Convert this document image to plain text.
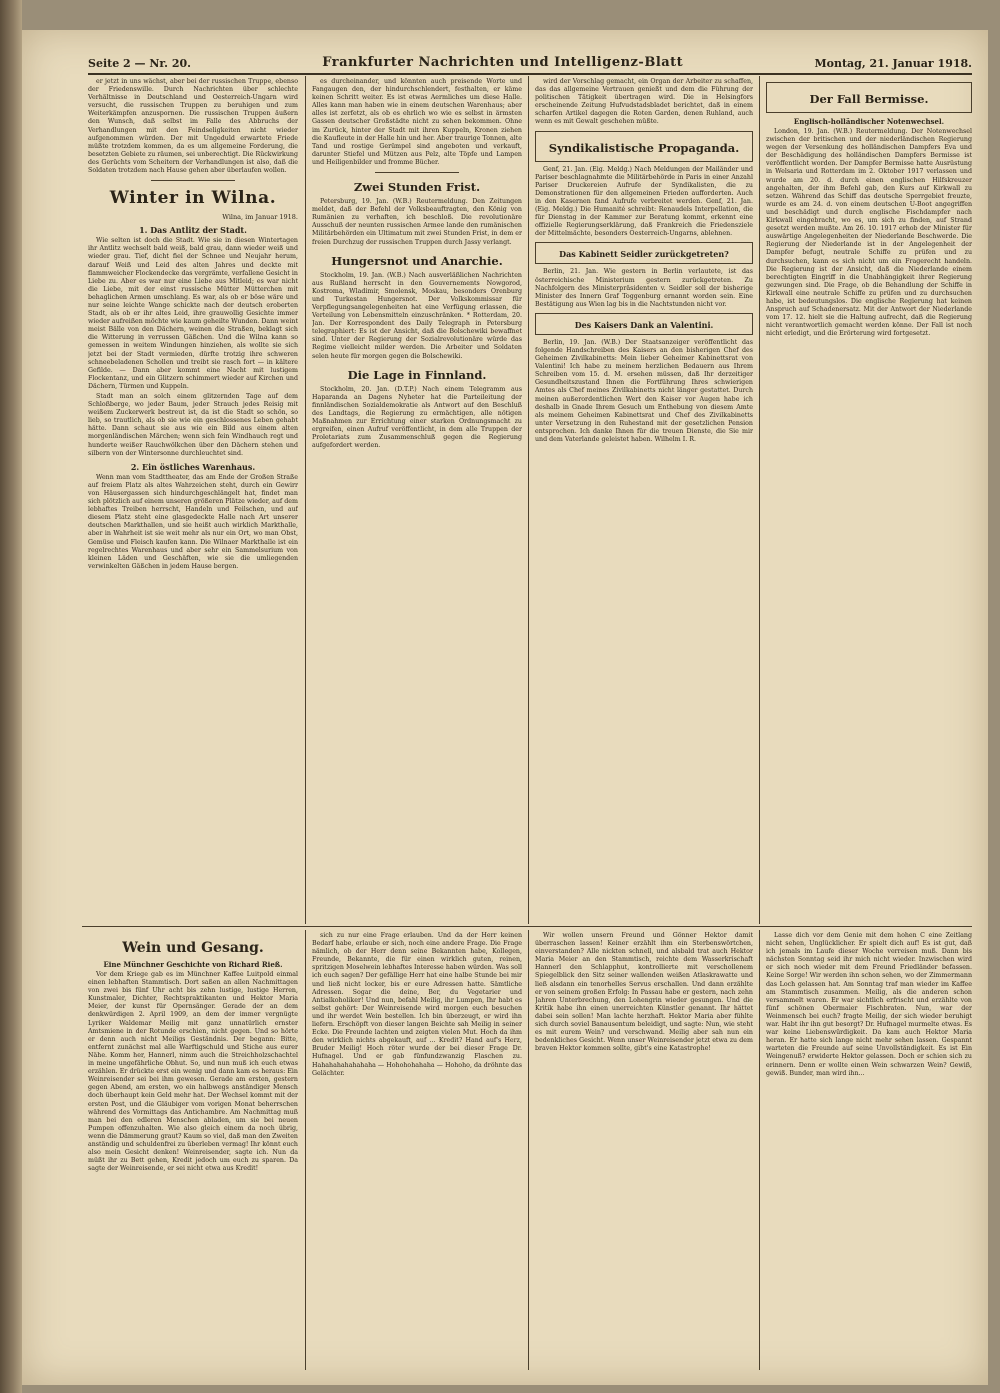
Seite 2 — Nr. 20.	Frankfurter Nachrichten und Intelligenz-Blatt	Montag, 21. Januar 1918.

er jetzt in uns wächst, aber bei der russischen Truppe, ebenso der Friedenswille. Durch Nachrichten über schlechte Verhältnisse in Deutschland und Oesterreich-Ungarn wird versucht, die russischen Truppen zu beruhigen und zum Weiterkämpfen anzuspornen. Die russischen Truppen äußern den Wunsch, daß selbst im Falle des Abbruchs der Verhandlungen mit den Feindseligkeiten nicht wieder aufgenommen würden. Der mit Ungeduld erwartete Friede müßte trotzdem kommen, da es um allgemeine Forderung, die besetzten Gebiete zu räumen, sei unberechtigt. Die Rückwirkung des Gerüchts vom Scheitern der Verhandlungen ist also, daß die Soldaten trotzdem nach Hause gehen aber überlaufen wollen.

Winter in Wilna.
Wilna, im Januar 1918.
1. Das Antlitz der Stadt.

Wie selten ist doch die Stadt. Wie sie in diesen Wintertagen ihr Antlitz wechselt bald weiß, bald grau, dann wieder weiß und wieder grau. Tief, dicht fiel der Schnee und Neujahr herum, darauf Weiß und Leid des alten Jahres und deckte mit flammweicher Flockendecke das vergrämte, verfallene Gesicht in Liebe zu. Aber es war nur eine Liebe aus Mitleid; es war nicht die Liebe, mit der einst russische Mütter Mütterchen mit behaglichen Armen umschlang. Es war, als ob er böse wäre und nur seine leichte Wange schickte nach der deutsch eroberten Stadt, als ob er ihr altes Leid, ihre grauwollig Gesichte immer wieder aufreißen möchte wie kaum geheilte Wunden. Dann weint meist Bälle von den Dächern, weinen die Straßen, beklagt sich die Witterung in verrussen Gäßchen. Und die Wilna kann so gemessen in weitem Windungen hinziehen, als wollte sie sich jetzt bei der Stadt vermieden, dürfte trotzig ihre schweren schneebeladenen Schollen und treibt sie rasch fort — in kältere Gefilde. — Dann aber kommt eine Nacht mit lustigem Flockentanz, und ein Glitzern schimmert wieder auf Kirchen und Dächern, Türmen und Kuppeln.

Stadt man an solch einem glitzernden Tage auf dem Schloßberge, wo jeder Baum, jeder Strauch jedes Reisig mit weißem Zuckerwerk bestreut ist, da ist die Stadt so schön, so lieb, so trautlich, als ob sie wie ein geschlossenes Leben gehabt hätte. Dann schaut sie aus wie ein Bild aus einem alten morgenländischen Märchen; wenn sich fein Windhauch regt und hunderte weißer Rauchwölkchen über den Dächern stehen und silbern von der Wintersonne durchleuchtet sind.

2. Ein östliches Warenhaus.

Wenn man vom Stadttheater, das am Ende der Großen Straße auf freiem Platz als altes Wahrzeichen steht, durch ein Gewirr von Häusergassen sich hindurchgeschlängelt hat, findet man sich plötzlich auf einem unseren größeren Plätze wieder, auf dem lebhaftes Treiben herrscht, Handeln und Feilschen, und auf diesem Platz steht eine glasgedeckte Halle nach Art unserer deutschen Markthallen, und sie heißt auch wirklich Markthalle, aber in Wahrheit ist sie weit mehr als nur ein Ort, wo man Obst, Gemüse und Fleisch kaufen kann. Die Wilnaer Markthalle ist ein regelrechtes Warenhaus und aber sehr ein Sammelsurium von kleinen Läden und Geschäften, wie sie die umliegenden verwinkelten Gäßchen in jedem Hause bergen.

es durcheinander, und könnten auch preisende Worte und Fangaugen den, der hindurchschlendert, festhalten, er käme keinen Schritt weiter. Es ist etwas Aermliches um diese Halle. Alles kann man haben wie in einem deutschen Warenhaus; aber alles ist zerfetzt, als ob es ehrlich wo wie es selbst in ärmsten Gassen deutscher Großstädte nicht zu sehen bekommen. Ohne im Zurück, hinter der Stadt mit ihren Kuppeln, Kronen ziehen die Kaufleute in der Halle hin und her. Aber traurige Tonnen, alte Tand und rostige Gerümpel sind angeboten und verkauft, darunter Stiefel und Mützen aus Pelz, alte Töpfe und Lampen und Heiligenbilder und fromme Bücher.

Zwei Stunden Frist.

Petersburg, 19. Jan. (W.B.) Reutermeldung. Den Zeitungen meldet, daß der Befehl der Volksbeauftragten, den König von Rumänien zu verhaften, ich beschloß. Die revolutionäre Ausschuß der neunten russischen Armee lande den rumänischen Militärbehörden ein Ultimatum mit zwei Stunden Frist, in dem er freien Durchzug der russischen Truppen durch Jassy verlangt.

Hungersnot und Anarchie.

Stockholm, 19. Jan. (W.B.) Nach ausverläßlichen Nachrichten aus Rußland herrscht in den Gouvernements Nowgorod, Kostroma, Wladimir, Smolensk, Moskau, besonders Orenburg und Turkestan Hungersnot. Der Volkskommissar für Verpflegungsangelegenheiten hat eine Verfügung erlassen, die Verteilung von Lebensmitteln einzuschränken. * Rotterdam, 20. Jan. Der Korrespondent des Daily Telegraph in Petersburg telegraphiert: Es ist der Ansicht, daß die Bolschewiki bewaffnet sind. Unter der Regierung der Sozialrevolutionäre würde das Regime vielleicht milder werden. Die Arbeiter und Soldaten selen heute für morgen gegen die Bolschewiki.

Die Lage in Finnland.

Stockholm, 20. Jan. (D.T.P.) Nach einem Telegramm aus Haparanda an Dagens Nyheter hat die Parteileitung der finnländischen Sozialdemokratie als Antwort auf den Beschluß des Landtags, die Regierung zu ermächtigen, alle nötigen Maßnahmen zur Errichtung einer starken Ordnungsmacht zu ergreifen, einen Aufruf veröffentlicht, in dem alle Truppen der Proletariats zum Zusammenschluß gegen die Regierung aufgefordert werden.

wird der Vorschlag gemacht, ein Organ der Arbeiter zu schaffen, das das allgemeine Vertrauen genießt und dem die Führung der politischen Tätigkeit übertragen wird. Die in Helsingfors erscheinende Zeitung Hufvudstadsbladet berichtet, daß in einem scharfen Artikel dagegen die Roten Garden, denen Ruhland, auch wenn es mit Gewalt geschehen müßte.

Syndikalistische Propaganda.

Genf, 21. Jan. (Eig. Meldg.) Nach Meldungen der Mailänder und Pariser beschlagnahmte die Militärbehörde in Paris in einer Anzahl Pariser Druckereien Aufrufe der Syndikalisten, die zu Demonstrationen für den allgemeinen Frieden aufforderten. Auch in den Kasernen fand Aufrufe verbreitet werden. Genf, 21. Jan. (Eig. Meldg.) Die Humanité schreibt: Renaudels Interpellation, die für Dienstag in der Kammer zur Beratung kommt, erkennt eine offizielle Regierungserklärung, daß Frankreich die Friedensziele der Mittelmächte, besonders Oesterreich-Ungarns, ablehnen.

Das Kabinett Seidler zurückgetreten?

Berlin, 21. Jan. Wie gestern in Berlin verlautete, ist das österreichische Ministerium gestern zurückgetreten. Zu Nachfolgern des Ministerpräsidenten v. Seidler soll der bisherige Minister des Innern Graf Toggenburg ernannt worden sein. Eine Bestätigung aus Wien lag bis in die Nachtstunden nicht vor.

Des Kaisers Dank an Valentini.

Berlin, 19. Jan. (W.B.) Der Staatsanzeiger veröffentlicht das folgende Handschreiben des Kaisers an den bisherigen Chef des Geheimen Zivilkabinetts: Mein lieber Geheimer Kabinettsrat von Valentini! Ich habe zu meinem herzlichen Bedauern aus Ihrem Schreiben vom 15. d. M. ersehen müssen, daß Ihr derzeitiger Gesundheitszustand Ihnen die Fortführung Ihres schwierigen Amtes als Chef meines Zivilkabinetts nicht länger gestattet. Durch meinen außerordentlichen Wert den Kaiser vor Augen habe ich deshalb in Gnade Ihrem Gesuch um Enthebung von diesem Amte als meinem Geheimen Kabinettsrat und Chef des Zivilkabinetts unter Versetzung in den Ruhestand mit der gesetzlichen Pension entsprochen. Ich danke Ihnen für die treuen Dienste, die Sie mir und dem Vaterlande geleistet haben. Wilhelm I. R.

Der Fall Bermisse.
Englisch-holländischer Notenwechsel.

London, 19. Jan. (W.B.) Reutermeldung. Der Notenwechsel zwischen der britischen und der niederländischen Regierung wegen der Versenkung des holländischen Dampfers Eva und der Beschädigung des holländischen Dampfers Bermisse ist veröffentlicht worden. Der Dampfer Bermisse hatte Ausrüstung in Welsaria und Rotterdam im 2. Oktober 1917 verlassen und wurde am 20. d. durch einen englischen Hilfskreuzer angehalten, der ihm Befehl gab, den Kurs auf Kirkwall zu setzen. Während das Schiff das deutsche Sperrgebiet freuzte, wurde es am 24. d. von einem deutschen U-Boot angegriffen und beschädigt und durch englische Fischdampfer nach Kirkwall eingebracht, wo es, um sich zu finden, auf Strand gesetzt werden mußte. Am 26. 10. 1917 erhob der Minister für auswärtige Angelegenheiten der Niederlande Beschwerde. Die Regierung der Niederlande ist in der Angelegenheit der Dampfer befugt, neutrale Schiffe zu prüfen und zu durchsuchen, kann es sich nicht um ein Fragerecht handeln. Die Regierung ist der Ansicht, daß die Niederlande einem berechtigten Eingriff in die Unabhängigkeit ihrer Regierung gezwungen sind. Die Frage, ob die Behandlung der Schiffe in Kirkwall eine neutrale Schiffe zu prüfen und zu durchsuchen habe, ist bedeutungslos. Die englische Regierung hat keinen Anspruch auf Schadenersatz. Mit der Antwort der Niederlande vom 17. 12. hielt sie die Haltung aufrecht, daß die Regierung nicht verantwortlich gemacht werden könne. Der Fall ist noch nicht erledigt, und die Erörterung wird fortgesetzt.

Wein und Gesang.
Eine Münchner Geschichte von Richard Rieß.

Vor dem Kriege gab es im Münchner Kaffee Luitpold einmal einen lebhaften Stammtisch. Dort saßen an allen Nachmittagen von zwei bis fünf Uhr acht bis zehn lustige, lustige Herren, Kunstmaler, Dichter, Rechtspraktikanten und Hektor Maria Meier, der kunst für Opernsänger. Gerade der an dem denkwürdigen 2. April 1909, an dem der immer vergnügte Lyriker Waldemar Meilig mit ganz unnatürlich ernster Amtsmiene in der Rotunde erschien, nicht gegen. Und so hörte er denn auch nicht Meiligs Geständnis. Der begann: Bitte, entfernt zunächst mal alle Warftigschuld und Stiche aus eurer Nähe. Komm her, Hannerl, nimm auch die Streichholzschachtel in meine ungefährliche Obhut. So, und nun muß ich euch etwas erzählen. Er drückte erst ein wenig und dann kam es heraus: Ein Weinreisender sei bei ihm gewesen. Gerade am ersten, gestern gegen Abend, am ersten, wo ein halbwegs anständiger Mensch doch überhaupt kein Geld mehr hat. Der Wechsel kommt mit der ersten Post, und die Gläubiger vom vorigen Monat beherrschen während des Vormittags das Antichambre. Am Nachmittag muß man bei den edleren Menschen abladen, um sie bei neuen Pumpen offenzuhalten. Wie also gleich einem da noch übrig, wenn die Dämmerung graut? Kaum so viel, daß man den Zweiten anständig und schuldenfrei zu überleben vermag! Ihr könnt euch also mein Gesicht denken! Weinreisender, sagte ich. Nun da müßt ihr zu Bett gehen, Kredit jedoch um euch zu sparen. Da sagte der Weinreisende, er sei nicht etwa aus Kredit!

sich zu nur eine Frage erlauben. Und da der Herr keinen Bedarf habe, erlaube er sich, noch eine andere Frage. Die Frage nämlich, ob der Herr denn seine Bekannten habe, Kollegen, Freunde, Bekannte, die für einen wirklich guten, reinen, spritzigen Moselwein lebhaftes Interesse haben würden. Was soll ich euch sagen? Der gefällige Herr hat eine halbe Stunde bei mir und ließ nicht locker, bis er eure Adressen hatte. Sämtliche Adressen. Sogar die deine, Ber, du Vegetarier und Antialkoholiker! Und nun, befahl Meilig, ihr Lumpen, Ihr habt es selbst gehört: Der Weinreisende wird morgen euch besuchen und ihr werdet Wein bestellen. Ich bin überzeugt, er wird ihn liefern. Erschöpft von dieser langen Beichte sah Meilig in seiner Ecke. Die Freunde lachten und zeigten vielen Mut. Hoch da ihm den wirklich nichts abgekauft, auf ... Kredit? Hand auf's Herz, Bruder Meilig! Hoch röter wurde der bei dieser Frage Dr. Hufnagel. Und er gab fünfundzwanzig Flaschen zu. Hahahahahahahaha — Hohohohahaha — Hohoho, da dröhnte das Gelächter.

Wir wollen unsern Freund und Gönner Hektor damit überraschen lassen! Keiner erzählt ihm ein Sterbenswörtchen, einverstanden? Alle nickten schnell, und alsbald trat auch Hektor Maria Meier an den Stammtisch, reichte dem Wasserkrischaft Hannerl den Schlapphut, kontrollierte mit verschollenem Spiegelblick den Sitz seiner wallenden weißen Atlaskrawatte und ließ alsdann ein tenorhelles Servus erschallen. Und dann erzählte er von seinem großen Erfolg: In Passau habe er gestern, nach zehn Jahren Unterbrechung, den Lohengrin wieder gesungen. Und die Kritik habe ihn einen unerreichten Künstler genannt. Ihr hättet dabei sein sollen! Man lachte herzhaft. Hektor Maria aber fühlte sich durch soviel Banausentum beleidigt, und sagte: Nun, wie steht es mit eurem Wein? und verschwand. Meilig aber sah nun ein bedenkliches Gesicht. Wenn unser Weinreisender jetzt etwa zu dem braven Hektor kommen sollte, gibt's eine Katastrophe!

Lasse dich vor dem Genie mit dem hohen C eine Zeitlang nicht sehen, Unglücklicher. Er spielt dich auf! Es ist gut, daß ich jemals im Laufe dieser Woche verreisen muß. Dann bis nächsten Sonntag seid ihr mich nicht wieder. Inzwischen wird er sich noch wieder mit dem Freund Friedländer befassen. Keine Sorge! Wir werden ihn schon sehen, wo der Zimmermann das Loch gelassen hat. Am Sonntag traf man wieder im Kaffee am Stammtisch zusammen. Meilig, als die anderen schon versammelt waren. Er war sichtlich erfrischt und erzählte von fünf schönen Obermaier Fischbraten. Nun, war der Weinmensch bei euch? fragte Meilig, der sich wieder beruhigt war. Habt ihr ihn gut besorgt? Dr. Hufnagel murmelte etwas. Es war keine Liebenswürdigkeit. Da kam auch Hektor Maria heran. Er hatte sich lange nicht mehr sehen lassen. Gespannt warteten die Freunde auf seine Unvollständigkeit. Es ist Ein Weingenuß? erwiderte Hektor gelassen. Doch er schien sich zu erinnern. Denn er wollte einen Wein schwarzen Wein? Gewiß, gewiß. Bunder, man wird ihn...
